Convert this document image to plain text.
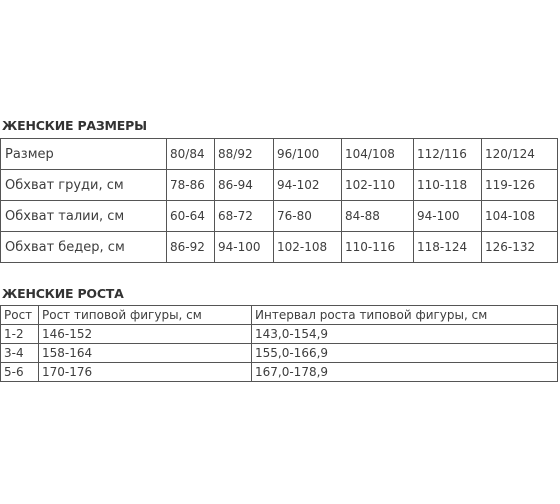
ЖЕНСКИЕ РАЗМЕРЫ
Размер	80/84	88/92	96/100	104/108	112/116	120/124
Обхват груди, см	78-86	86-94	94-102	102-110	110-118	119-126
Обхват талии, см	60-64	68-72	76-80	84-88	94-100	104-108
Обхват бедер, см	86-92	94-100	102-108	110-116	118-124	126-132
ЖЕНСКИЕ РОСТА
Рост	Рост типовой фигуры, см	Интервал роста типовой фигуры, см
1-2	146-152	143,0-154,9
3-4	158-164	155,0-166,9
5-6	170-176	167,0-178,9
